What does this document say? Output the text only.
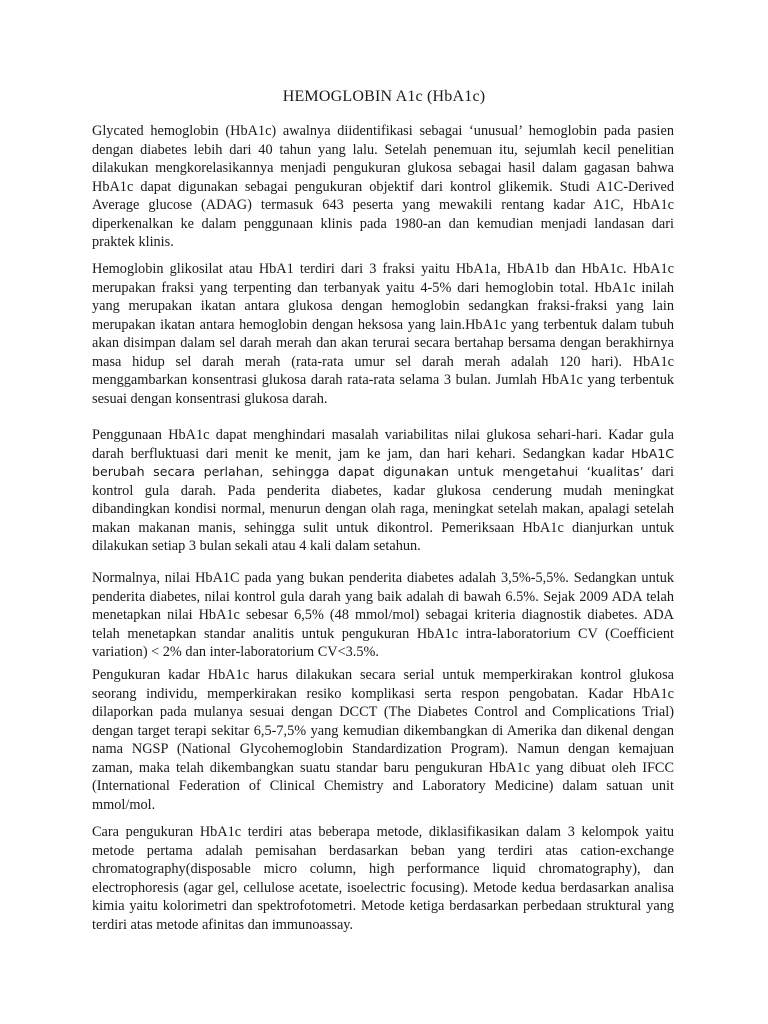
HEMOGLOBIN A1c (HbA1c)

Glycated hemoglobin (HbA1c) awalnya diidentifikasi sebagai ‘unusual’ hemoglobin pada pasien dengan diabetes lebih dari 40 tahun yang lalu. Setelah penemuan itu, sejumlah kecil penelitian dilakukan mengkorelasikannya menjadi pengukuran glukosa sebagai hasil dalam gagasan bahwa HbA1c dapat digunakan sebagai pengukuran objektif dari kontrol glikemik. Studi A1C-Derived Average glucose (ADAG) termasuk 643 peserta yang mewakili rentang kadar A1C, HbA1c diperkenalkan ke dalam penggunaan klinis pada 1980-an dan kemudian menjadi landasan dari praktek klinis.

Hemoglobin glikosilat atau HbA1 terdiri dari 3 fraksi yaitu HbA1a, HbA1b dan HbA1c. HbA1c merupakan fraksi yang terpenting dan terbanyak yaitu 4-5% dari hemoglobin total. HbA1c inilah yang merupakan ikatan antara glukosa dengan hemoglobin sedangkan fraksi-fraksi yang lain merupakan ikatan antara hemoglobin dengan heksosa yang lain.HbA1c yang terbentuk dalam tubuh akan disimpan dalam sel darah merah dan akan terurai secara bertahap bersama dengan berakhirnya masa hidup sel darah merah (rata-rata umur sel darah merah adalah 120 hari). HbA1c menggambarkan konsentrasi glukosa darah rata-rata selama 3 bulan. Jumlah HbA1c yang terbentuk sesuai dengan konsentrasi glukosa darah.

Penggunaan HbA1c dapat menghindari masalah variabilitas nilai glukosa sehari-hari. Kadar gula darah berfluktuasi dari menit ke menit, jam ke jam, dan hari kehari. Sedangkan kadar HbA1C berubah secara perlahan, sehingga dapat digunakan untuk mengetahui ‘kualitas’ dari kontrol gula darah. Pada penderita diabetes, kadar glukosa cenderung mudah meningkat dibandingkan kondisi normal, menurun dengan olah raga, meningkat setelah makan, apalagi setelah makan makanan manis, sehingga sulit untuk dikontrol. Pemeriksaan HbA1c dianjurkan untuk dilakukan setiap 3 bulan sekali atau 4 kali dalam setahun.

Normalnya, nilai HbA1C pada yang bukan penderita diabetes adalah 3,5%-5,5%. Sedangkan untuk penderita diabetes, nilai kontrol gula darah yang baik adalah di bawah 6.5%. Sejak 2009 ADA telah menetapkan nilai HbA1c sebesar 6,5% (48 mmol/mol) sebagai kriteria diagnostik diabetes. ADA telah menetapkan standar analitis untuk pengukuran HbA1c intra-laboratorium CV (Coefficient variation) < 2% dan inter-laboratorium CV<3.5%.

Pengukuran kadar HbA1c harus dilakukan secara serial untuk memperkirakan kontrol glukosa seorang individu, memperkirakan resiko komplikasi serta respon pengobatan. Kadar HbA1c dilaporkan pada mulanya sesuai dengan DCCT (The Diabetes Control and Complications Trial) dengan target terapi sekitar 6,5-7,5% yang kemudian dikembangkan di Amerika dan dikenal dengan nama NGSP (National Glycohemoglobin Standardization Program). Namun dengan kemajuan zaman, maka telah dikembangkan suatu standar baru pengukuran HbA1c yang dibuat oleh IFCC (International Federation of Clinical Chemistry and Laboratory Medicine) dalam satuan unit mmol/mol.

Cara pengukuran HbA1c terdiri atas beberapa metode, diklasifikasikan dalam 3 kelompok yaitu metode pertama adalah pemisahan berdasarkan beban yang terdiri atas cation-exchange chromatography(disposable micro column, high performance liquid chromatography), dan electrophoresis (agar gel, cellulose acetate, isoelectric focusing). Metode kedua berdasarkan analisa kimia yaitu kolorimetri dan spektrofotometri. Metode ketiga berdasarkan perbedaan struktural yang terdiri atas metode afinitas dan immunoassay.
